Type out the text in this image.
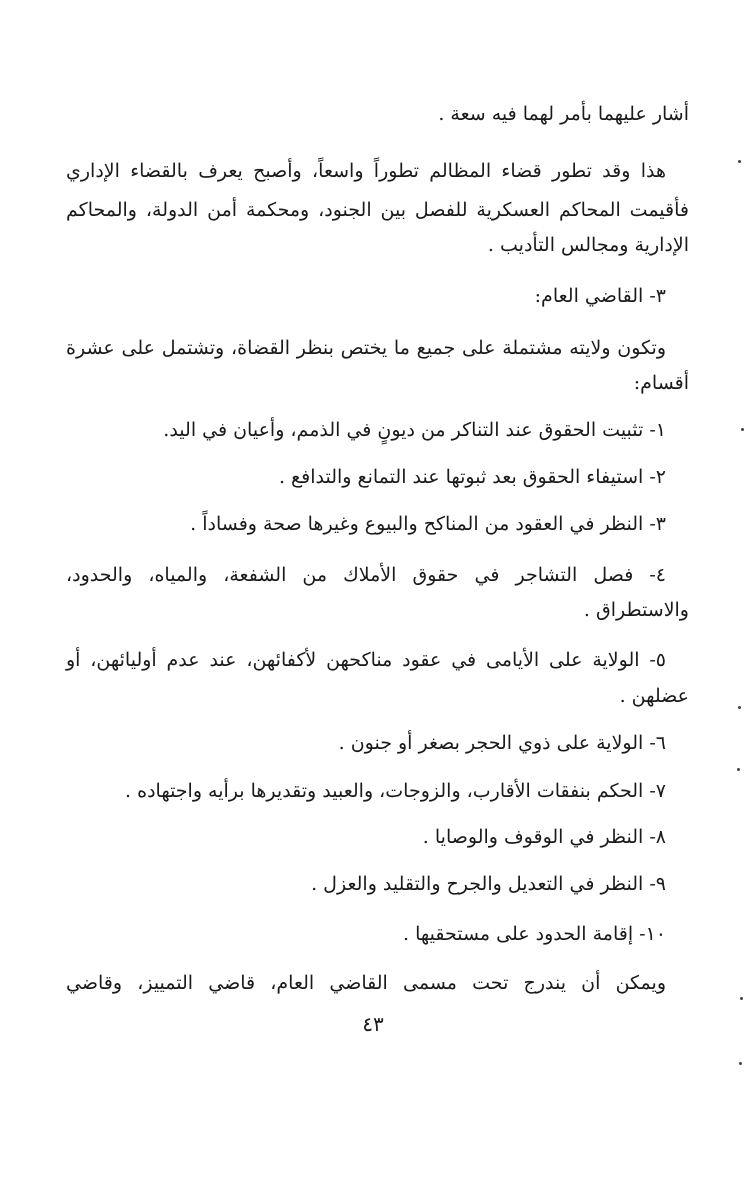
أشار عليهما بأمر لهما فيه سعة .
هذا وقد تطور قضاء المظالم تطوراً واسعاً، وأصبح يعرف بالقضاء الإداري
فأقيمت المحاكم العسكرية للفصل بين الجنود، ومحكمة أمن الدولة، والمحاكم
الإدارية ومجالس التأديب .
٣- القاضي العام:
وتكون ولايته مشتملة على جميع ما يختص بنظر القضاة، وتشتمل على عشرة
أقسام:
١- تثبيت الحقوق عند التناكر من ديونٍ في الذمم، وأعيان في اليد.
٢- استيفاء الحقوق بعد ثبوتها عند التمانع والتدافع .
٣- النظر في العقود من المناكح والبيوع وغيرها صحة وفساداً .
٤- فصل التشاجر في حقوق الأملاك من الشفعة، والمياه، والحدود،
والاستطراق .
٥- الولاية على الأيامى في عقود مناكحهن لأكفائهن، عند عدم أوليائهن، أو
عضلهن .
٦- الولاية على ذوي الحجر بصغر أو جنون .
٧- الحكم بنفقات الأقارب، والزوجات، والعبيد وتقديرها برأيه واجتهاده .
٨- النظر في الوقوف والوصايا .
٩- النظر في التعديل والجرح والتقليد والعزل .
١٠- إقامة الحدود على مستحقيها .
ويمكن أن يندرج تحت مسمى القاضي العام، قاضي التمييز، وقاضي
٤٣
